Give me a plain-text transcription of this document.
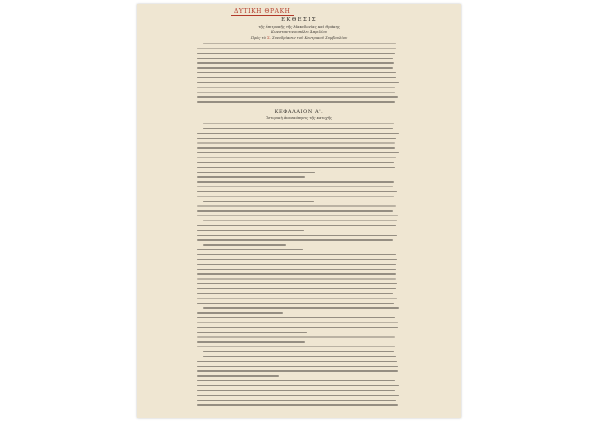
ΔΥΤΙΚΗ ΘΡΑΚΗ
ΕΚΘΕΣΙΣ
τῆς ἐπιτροπῆς τῆς Μακεδονίας καὶ Θράκης
Κωνσταντινουπόλει Ἀπριλίου
Πρὸς τὸ Σ. Συνεδρίασιν τοῦ Κεντρικοῦ Συμβουλίου
ΚΕΦΑΛΑΙΟΝ Α'.
Ἱστορικὴ ἀνασκόπησις τῆς κατοχῆς
